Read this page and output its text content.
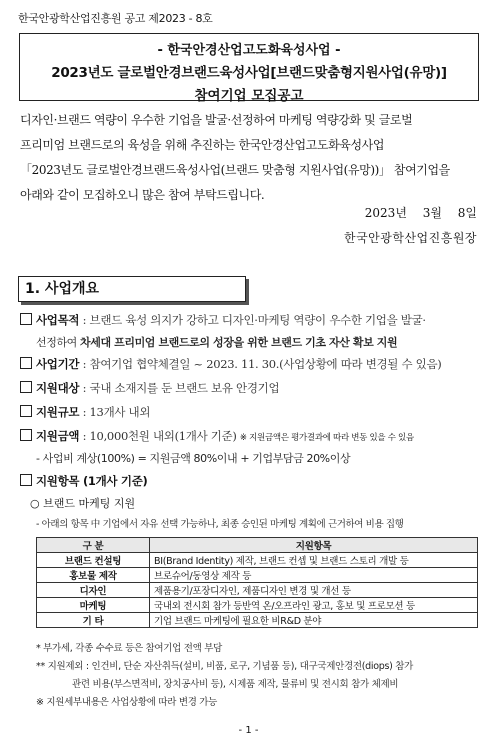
한국안광학산업진흥원 공고 제2023 - 8호
- 한국안경산업고도화육성사업 -
2023년도 글로벌안경브랜드육성사업[브랜드맞춤형지원사업(유망)]
참여기업 모집공고

디자인·브랜드 역량이 우수한 기업을 발굴·선정하여 마케팅 역량강화 및 글로벌

프리미엄 브랜드로의 육성을 위해 추진하는 한국안경산업고도화육성사업

「2023년도 글로벌안경브랜드육성사업(브랜드 맞춤형 지원사업(유망))」 참여기업을

아래와 같이 모집하오니 많은 참여 부탁드립니다.

2023년 3월 8일
한국안광학산업진흥원장
1. 사업개요
사업목적 : 브랜드 육성 의지가 강하고 디자인·마케팅 역량이 우수한 기업을 발굴·
선정하여 차세대 프리미엄 브랜드로의 성장을 위한 브랜드 기초 자산 확보 지원
사업기간 : 참여기업 협약체결일 ~ 2023. 11. 30.(사업상황에 따라 변경될 수 있음)
지원대상 : 국내 소재지를 둔 브랜드 보유 안경기업
지원규모 : 13개사 내외
지원금액 : 10,000천원 내외(1개사 기준) ※ 지원금액은 평가결과에 따라 변동 있을 수 있음
- 사업비 계상(100%) = 지원금액 80%이내 + 기업부담금 20%이상
지원항목 (1개사 기준)
○ 브랜드 마케팅 지원
- 아래의 항목 中 기업에서 자유 선택 가능하나, 최종 승인된 마케팅 계획에 근거하여 비용 집행
구 분	지원항목
브랜드 컨설팅	BI(Brand Identity) 제작, 브랜드 컨셉 및 브랜드 스토리 개발 등
홍보물 제작	브로슈어/동영상 제작 등
디자인	제품용기/포장디자인, 제품디자인 변경 및 개선 등
마케팅	국내외 전시회 참가 등반역 온/오프라인 광고, 홍보 및 프로모션 등
기 타	기업 브랜드 마케팅에 필요한 비R&D 분야
* 부가세, 각종 수수료 등은 참여기업 전액 부담
** 지원제외 : 인건비, 단순 자산취득(설비, 비품, 로구, 기념품 등), 대구국제안경전(diops) 참가
관련 비용(부스면적비, 장치공사비 등), 시제품 제작, 물류비 및 전시회 참가 체제비
※ 지원세부내용은 사업상황에 따라 변경 가능
- 1 -
